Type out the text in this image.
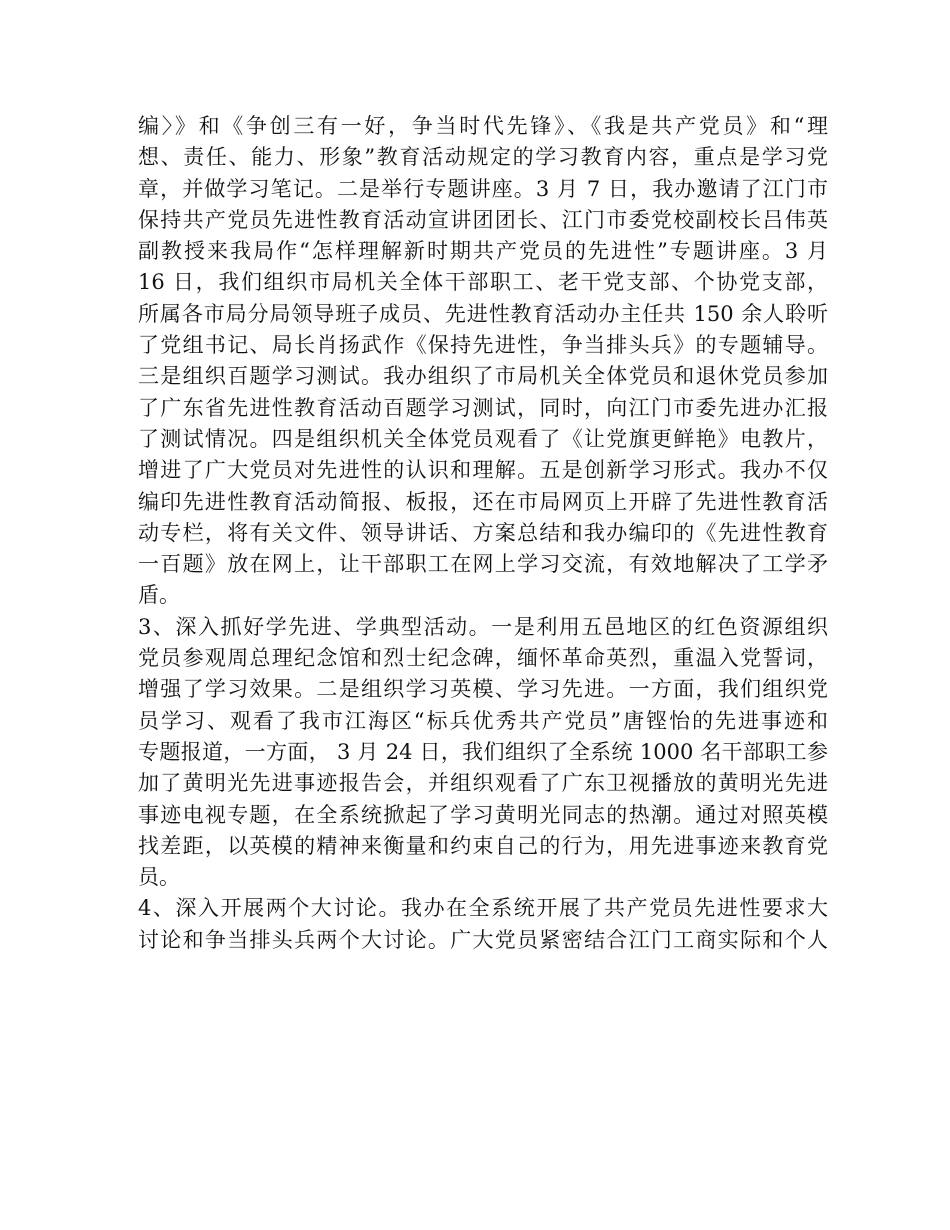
编〉》和《争创三有一好，争当时代先锋》、《我是共产党员》和“理
想、责任、能力、形象”教育活动规定的学习教育内容，重点是学习党
章，并做学习笔记。二是举行专题讲座。3 月 7 日，我办邀请了江门市
保持共产党员先进性教育活动宣讲团团长、江门市委党校副校长吕伟英
副教授来我局作“怎样理解新时期共产党员的先进性”专题讲座。3 月
16 日，我们组织市局机关全体干部职工、老干党支部、个协党支部，
所属各市局分局领导班子成员、先进性教育活动办主任共 150 余人聆听
了党组书记、局长肖扬武作《保持先进性，争当排头兵》的专题辅导。
三是组织百题学习测试。我办组织了市局机关全体党员和退休党员参加
了广东省先进性教育活动百题学习测试，同时，向江门市委先进办汇报
了测试情况。四是组织机关全体党员观看了《让党旗更鲜艳》电教片，
增进了广大党员对先进性的认识和理解。五是创新学习形式。我办不仅
编印先进性教育活动简报、板报，还在市局网页上开辟了先进性教育活
动专栏，将有关文件、领导讲话、方案总结和我办编印的《先进性教育
一百题》放在网上，让干部职工在网上学习交流，有效地解决了工学矛
盾。
3、深入抓好学先进、学典型活动。一是利用五邑地区的红色资源组织
党员参观周总理纪念馆和烈士纪念碑，缅怀革命英烈，重温入党誓词，
增强了学习效果。二是组织学习英模、学习先进。一方面，我们组织党
员学习、观看了我市江海区“标兵优秀共产党员”唐铿怡的先进事迹和
专题报道，一方面， 3 月 24 日，我们组织了全系统 1000 名干部职工参
加了黄明光先进事迹报告会，并组织观看了广东卫视播放的黄明光先进
事迹电视专题，在全系统掀起了学习黄明光同志的热潮。通过对照英模
找差距，以英模的精神来衡量和约束自己的行为，用先进事迹来教育党
员。
4、深入开展两个大讨论。我办在全系统开展了共产党员先进性要求大
讨论和争当排头兵两个大讨论。广大党员紧密结合江门工商实际和个人
